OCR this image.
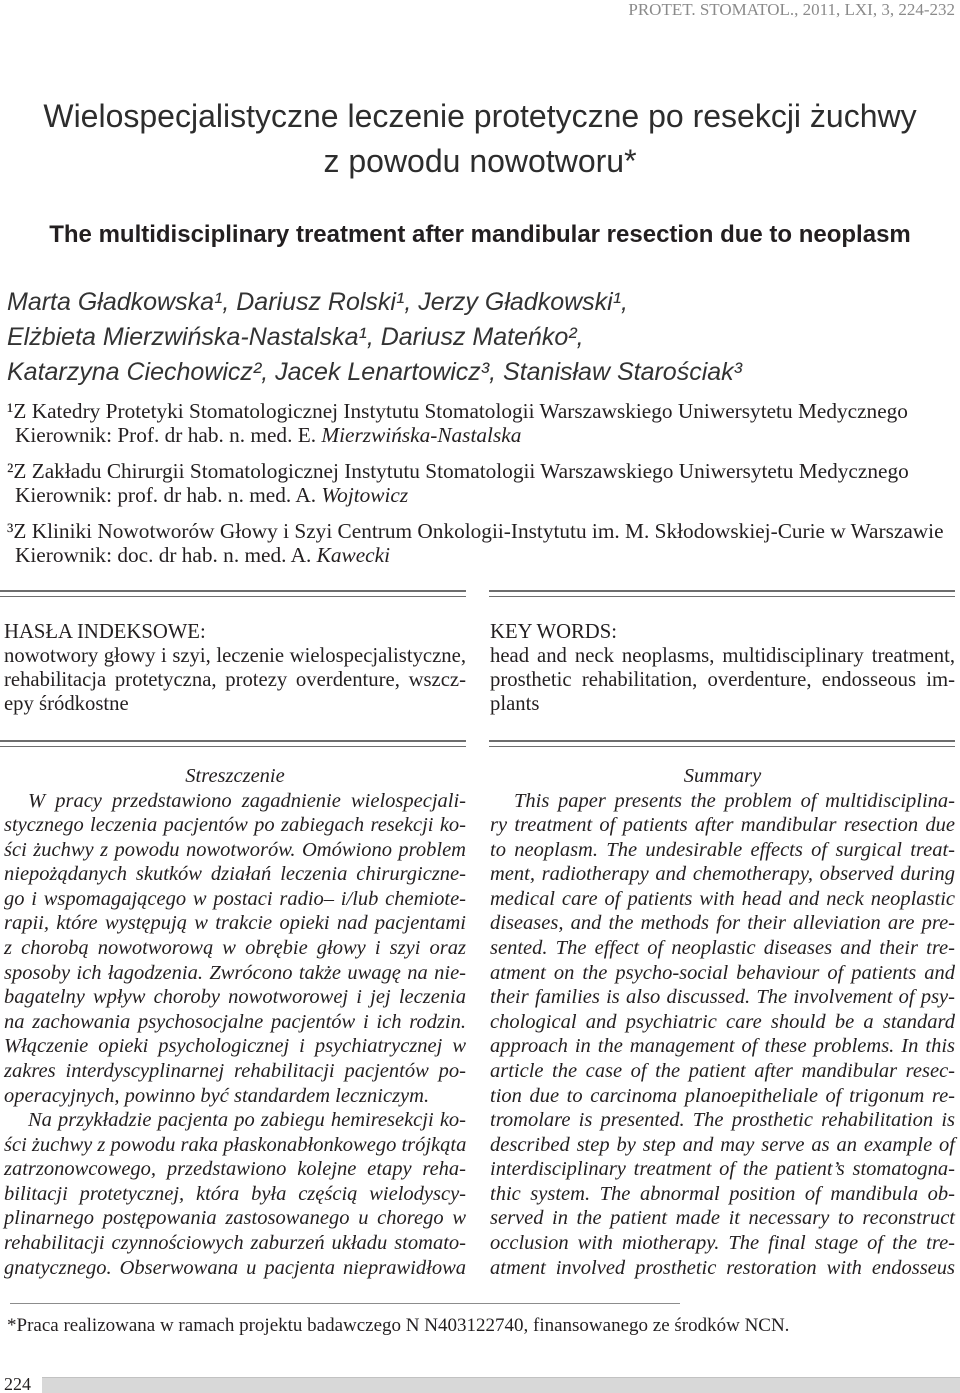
PROTET. STOMATOL., 2011, LXI, 3, 224-232
Wielospecjalistyczne leczenie protetyczne po resekcji żuchwy
z powodu nowotworu*
The multidisciplinary treatment after mandibular resection due to neoplasm
Marta Gładkowska¹, Dariusz Rolski¹, Jerzy Gładkowski¹,
Elżbieta Mierzwińska-Nastalska¹, Dariusz Mateńko²,
Katarzyna Ciechowicz², Jacek Lenartowicz³, Stanisław Starościak³
¹Z Katedry Protetyki Stomatologicznej Instytutu Stomatologii Warszawskiego Uniwersytetu Medycznego
Kierownik: Prof. dr hab. n. med. E. Mierzwińska-Nastalska
²Z Zakładu Chirurgii Stomatologicznej Instytutu Stomatologii Warszawskiego Uniwersytetu Medycznego
Kierownik: prof. dr hab. n. med. A. Wojtowicz
³Z Kliniki Nowotworów Głowy i Szyi Centrum Onkologii-Instytutu im. M. Skłodowskiej-Curie w Warszawie
Kierownik: doc. dr hab. n. med. A. Kawecki
HASŁA INDEKSOWE:
nowotwory głowy i szyi, leczenie wielospecjalistyczne,
rehabilitacja protetyczna, protezy overdenture, wszcz-
epy śródkostne
KEY WORDS:
head and neck neoplasms, multidisciplinary treatment,
prosthetic rehabilitation, overdenture, endosseous im-
plants
Streszczenie
W pracy przedstawiono zagadnienie wielospecjali-
stycznego leczenia pacjentów po zabiegach resekcji ko-
ści żuchwy z powodu nowotworów. Omówiono problem
niepożądanych skutków działań leczenia chirurgiczne-
go i wspomagającego w postaci radio– i/lub chemiote-
rapii, które występują w trakcie opieki nad pacjentami
z chorobą nowotworową w obrębie głowy i szyi oraz
sposoby ich łagodzenia. Zwrócono także uwagę na nie-
bagatelny wpływ choroby nowotworowej i jej leczenia
na zachowania psychosocjalne pacjentów i ich rodzin.
Włączenie opieki psychologicznej i psychiatrycznej w
zakres interdyscyplinarnej rehabilitacji pacjentów po-
operacyjnych, powinno być standardem leczniczym.
Na przykładzie pacjenta po zabiegu hemiresekcji ko-
ści żuchwy z powodu raka płaskonabłonkowego trójkąta
zatrzonowcowego, przedstawiono kolejne etapy reha-
bilitacji protetycznej, która była częścią wielodyscy-
plinarnego postępowania zastosowanego u chorego w
rehabilitacji czynnościowych zaburzeń układu stomato-
gnatycznego. Obserwowana u pacjenta nieprawidłowa
Summary
This paper presents the problem of multidisciplina-
ry treatment of patients after mandibular resection due
to neoplasm. The undesirable effects of surgical treat-
ment, radiotherapy and chemotherapy, observed during
medical care of patients with head and neck neoplastic
diseases, and the methods for their alleviation are pre-
sented. The effect of neoplastic diseases and their tre-
atment on the psycho-social behaviour of patients and
their families is also discussed. The involvement of psy-
chological and psychiatric care should be a standard
approach in the management of these problems. In this
article the case of the patient after mandibular resec-
tion due to carcinoma planoepitheliale of trigonum re-
tromolare is presented. The prosthetic rehabilitation is
described step by step and may serve as an example of
interdisciplinary treatment of the patient’s stomatogna-
thic system. The abnormal position of mandibula ob-
served in the patient made it necessary to reconstruct
occlusion with miotherapy. The final stage of the tre-
atment involved prosthetic restoration with endosseus
*Praca realizowana w ramach projektu badawczego N N403122740, finansowanego ze środków NCN.
224
